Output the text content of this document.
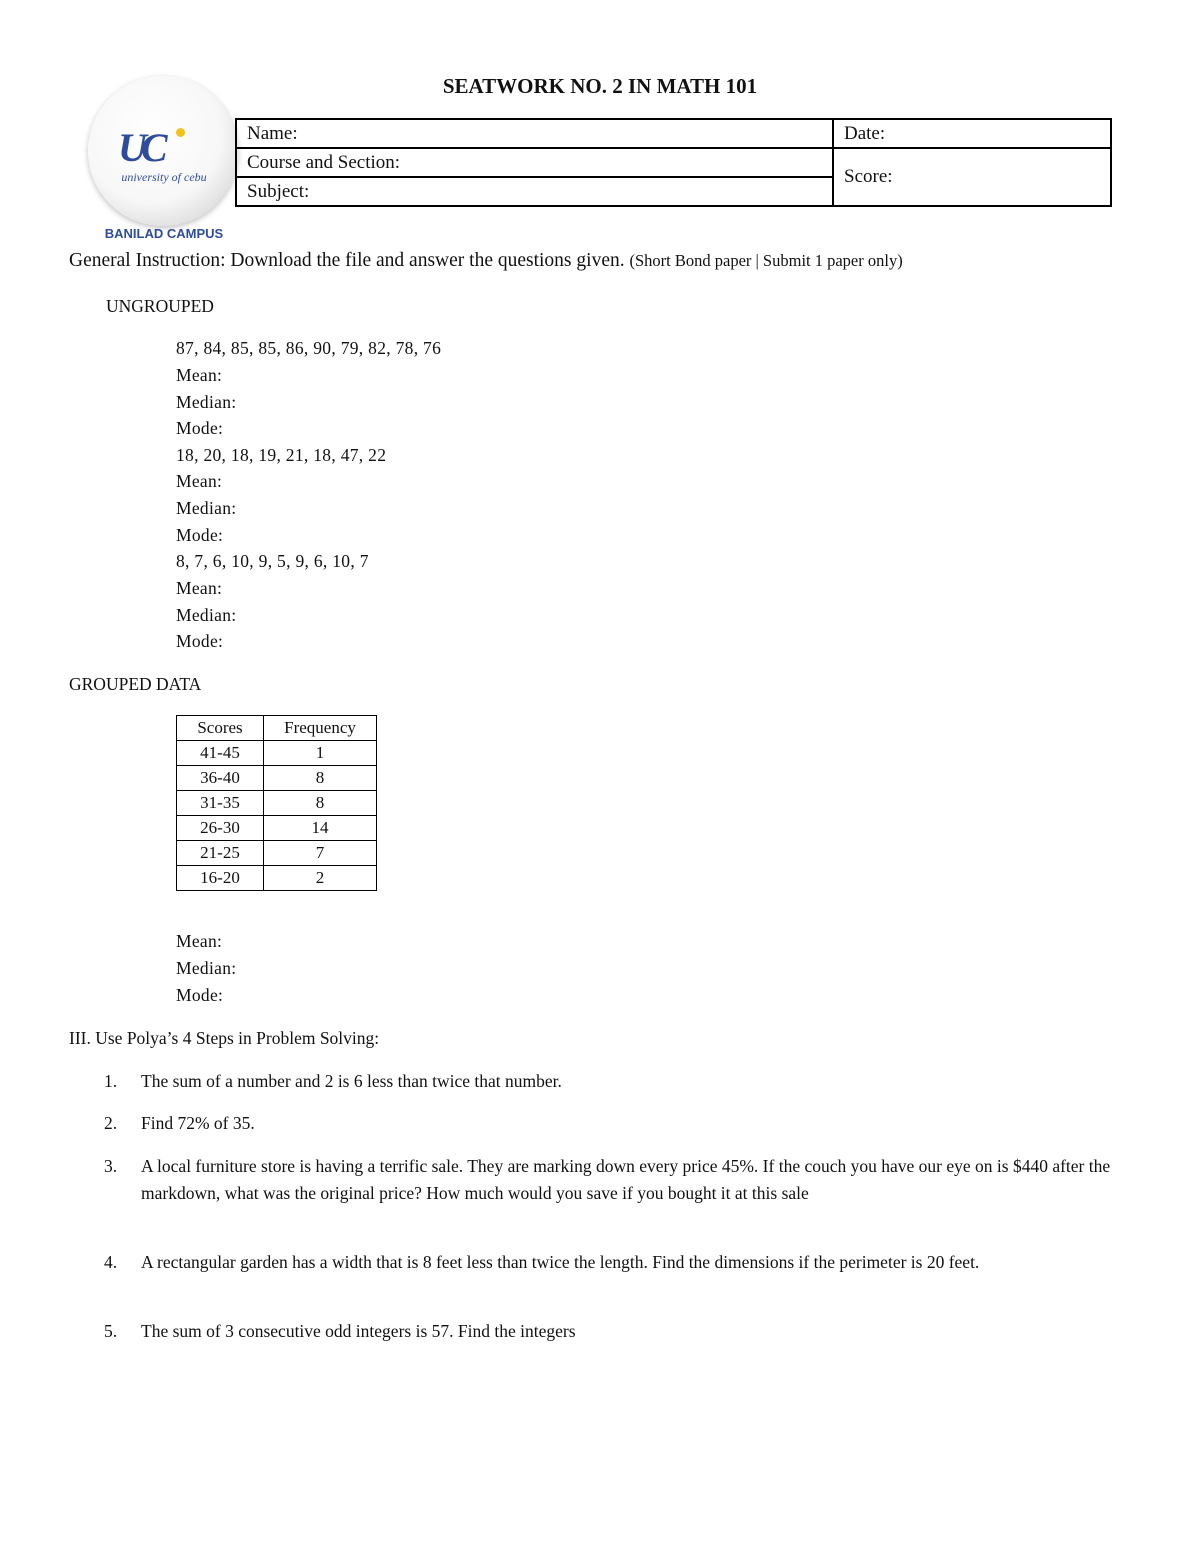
SEATWORK NO. 2 IN MATH 101
UC
university of cebu
BANILAD CAMPUS
Name:	Date:
Course and Section:	Score:
Subject:	
General Instruction: Download the file and answer the questions given. (Short Bond paper | Submit 1 paper only)
UNGROUPED
87, 84, 85, 85, 86, 90, 79, 82, 78, 76
Mean:
Median:
Mode:
18, 20, 18, 19, 21, 18, 47, 22
Mean:
Median:
Mode:
8, 7, 6, 10, 9, 5, 9, 6, 10, 7
Mean:
Median:
Mode:
GROUPED DATA
Scores	Frequency
41-45	1
36-40	8
31-35	8
26-30	14
21-25	7
16-20	2
Mean:
Median:
Mode:
III. Use Polya’s 4 Steps in Problem Solving:
1. The sum of a number and 2 is 6 less than twice that number.
2. Find 72% of 35.
3. A local furniture store is having a terrific sale. They are marking down every price 45%. If the couch you have our eye on is $440 after the markdown, what was the original price? How much would you save if you bought it at this sale
4. A rectangular garden has a width that is 8 feet less than twice the length. Find the dimensions if the perimeter is 20 feet.
5. The sum of 3 consecutive odd integers is 57. Find the integers
